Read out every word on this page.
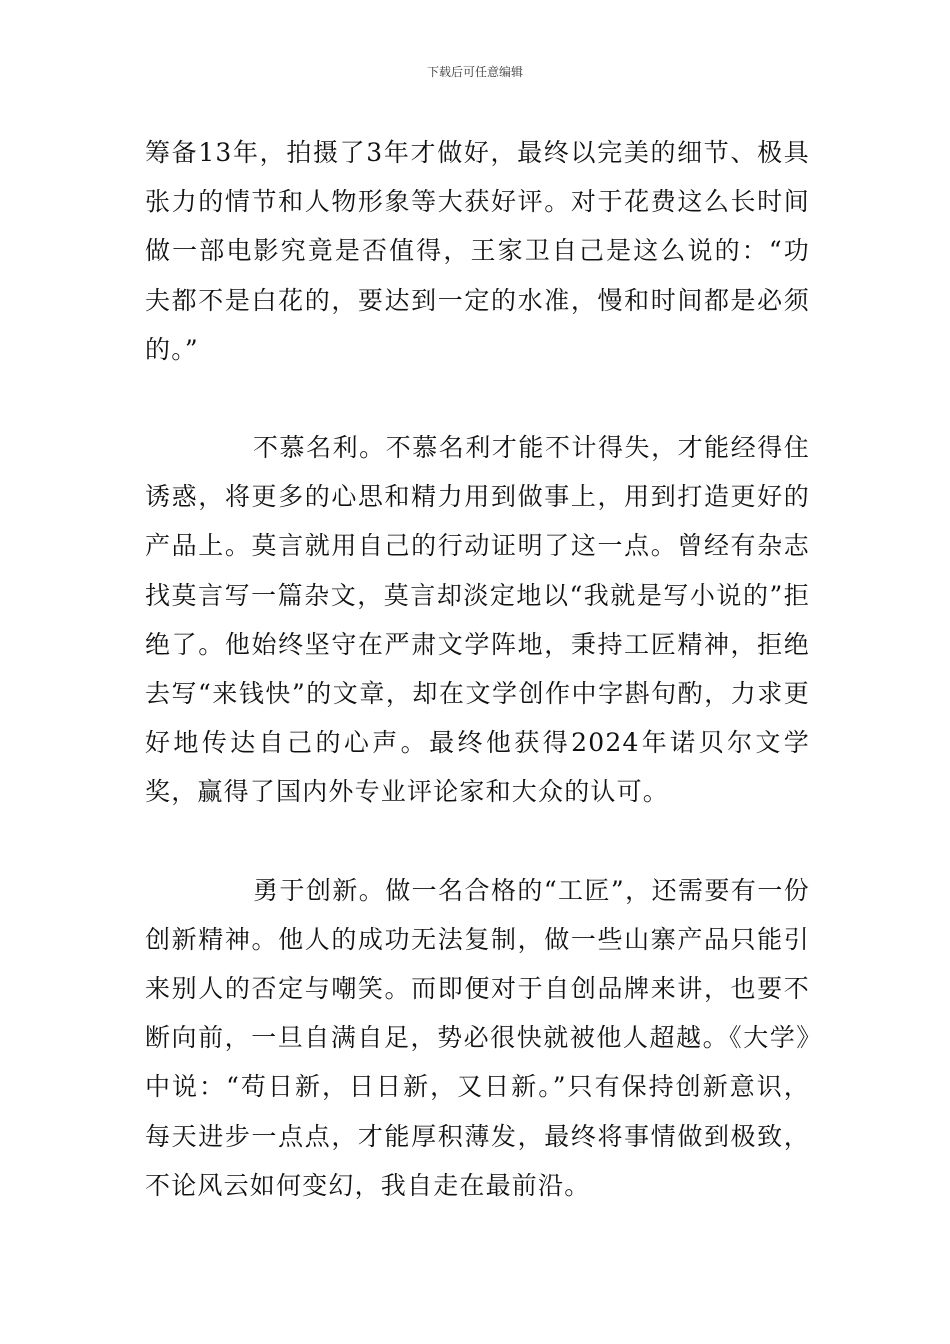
下载后可任意编辑

筹备13年，拍摄了3年才做好，最终以完美的细节、极具张力的情节和人物形象等大获好评。对于花费这么长时间做一部电影究竟是否值得，王家卫自己是这么说的：“功夫都不是白花的，要达到一定的水准，慢和时间都是必须的。”

不慕名利。不慕名利才能不计得失，才能经得住诱惑，将更多的心思和精力用到做事上，用到打造更好的产品上。莫言就用自己的行动证明了这一点。曾经有杂志找莫言写一篇杂文，莫言却淡定地以“我就是写小说的”拒绝了。他始终坚守在严肃文学阵地，秉持工匠精神，拒绝去写“来钱快”的文章，却在文学创作中字斟句酌，力求更好地传达自己的心声。最终他获得2024年诺贝尔文学奖，赢得了国内外专业评论家和大众的认可。

勇于创新。做一名合格的“工匠”，还需要有一份创新精神。他人的成功无法复制，做一些山寨产品只能引来别人的否定与嘲笑。而即便对于自创品牌来讲，也要不断向前，一旦自满自足，势必很快就被他人超越。《大学》中说：“苟日新，日日新，又日新。”只有保持创新意识，每天进步一点点，才能厚积薄发，最终将事情做到极致，不论风云如何变幻，我自走在最前沿。
